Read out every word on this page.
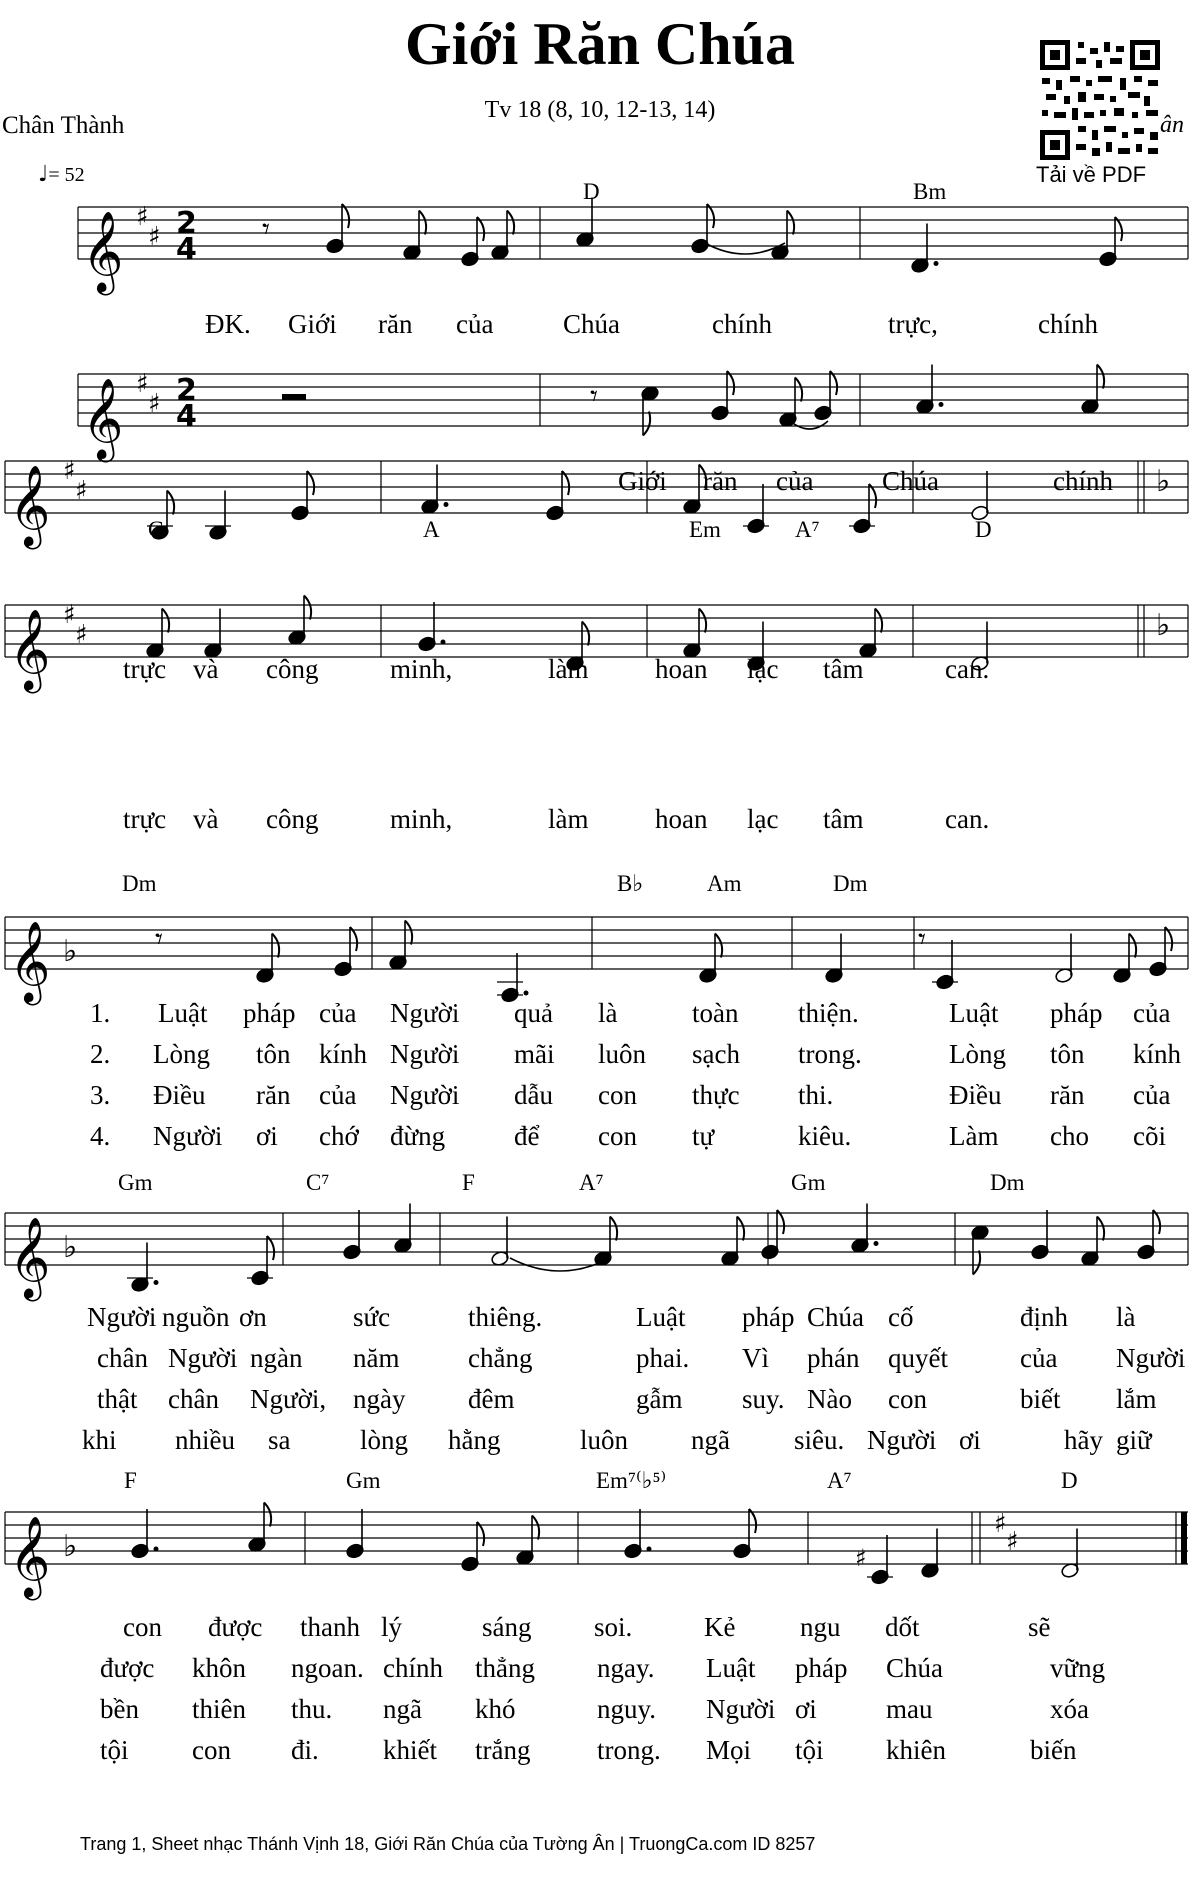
Giới Răn Chúa
Tv 18 (8, 10, 12-13, 14)
Chân Thành
♩= 52	Tải về PDF
ân
𝄞 ♯
♯ 2
4
𝄞 ♯
♯ 2
4
𝄞 ♯
♯	♭
𝄞 ♯
♯	♭
𝄞 ♭
𝄞 ♭
𝄞 ♭
♯
♯
𝄾
𝄾
𝄾	𝄾
♯
D	Bm
G	A	Em	A⁷	D
Dm	B♭	Am	Dm
Gm	C⁷	F	A⁷	Gm	Dm
F	Gm	Em⁷⁽♭⁵⁾	A⁷	D
ĐK. Giới răn của	Chúa	chính	trực,	chính
Giới răn của	Chúa	chính
trực và công	minh,	làm hoan lạc tâm	can.
trực và công	minh,	làm hoan lạc tâm	can.
1. Luật pháp của Người quả là	toàn thiện.	Luật pháp của
2. Lòng tôn kính Người mãi luôn sạch trong.	Lòng tôn kính
3. Điều răn của Người dẫu con thực thi.	Điều răn của
4. Người ơi chớ đừng	để con tự	kiêu.	Làm cho cõi
Người nguồn ơn	sức	thiêng.	Luật pháp Chúa cố	định là
chân Người ngàn năm	chẳng	phai. Vì phán quyết	của Người
thật chân Người, ngày đêm	gẫm suy. Nào con	biết lắm
khi nhiều sa	lòng hằng	luôn ngã siêu. Người ơi	hãy giữ
con được thanh lý	sáng soi.	Kẻ ngu dốt	sẽ
được khôn ngoan. chính thẳng ngay. Luật pháp Chúa	vững
bền thiên thu. ngã khó	nguy. Người ơi	mau	xóa
tội con đi. khiết trắng trong. Mọi tội khiên	biến
Trang 1, Sheet nhạc Thánh Vịnh 18, Giới Răn Chúa của Tường Ân | TruongCa.com ID 8257
